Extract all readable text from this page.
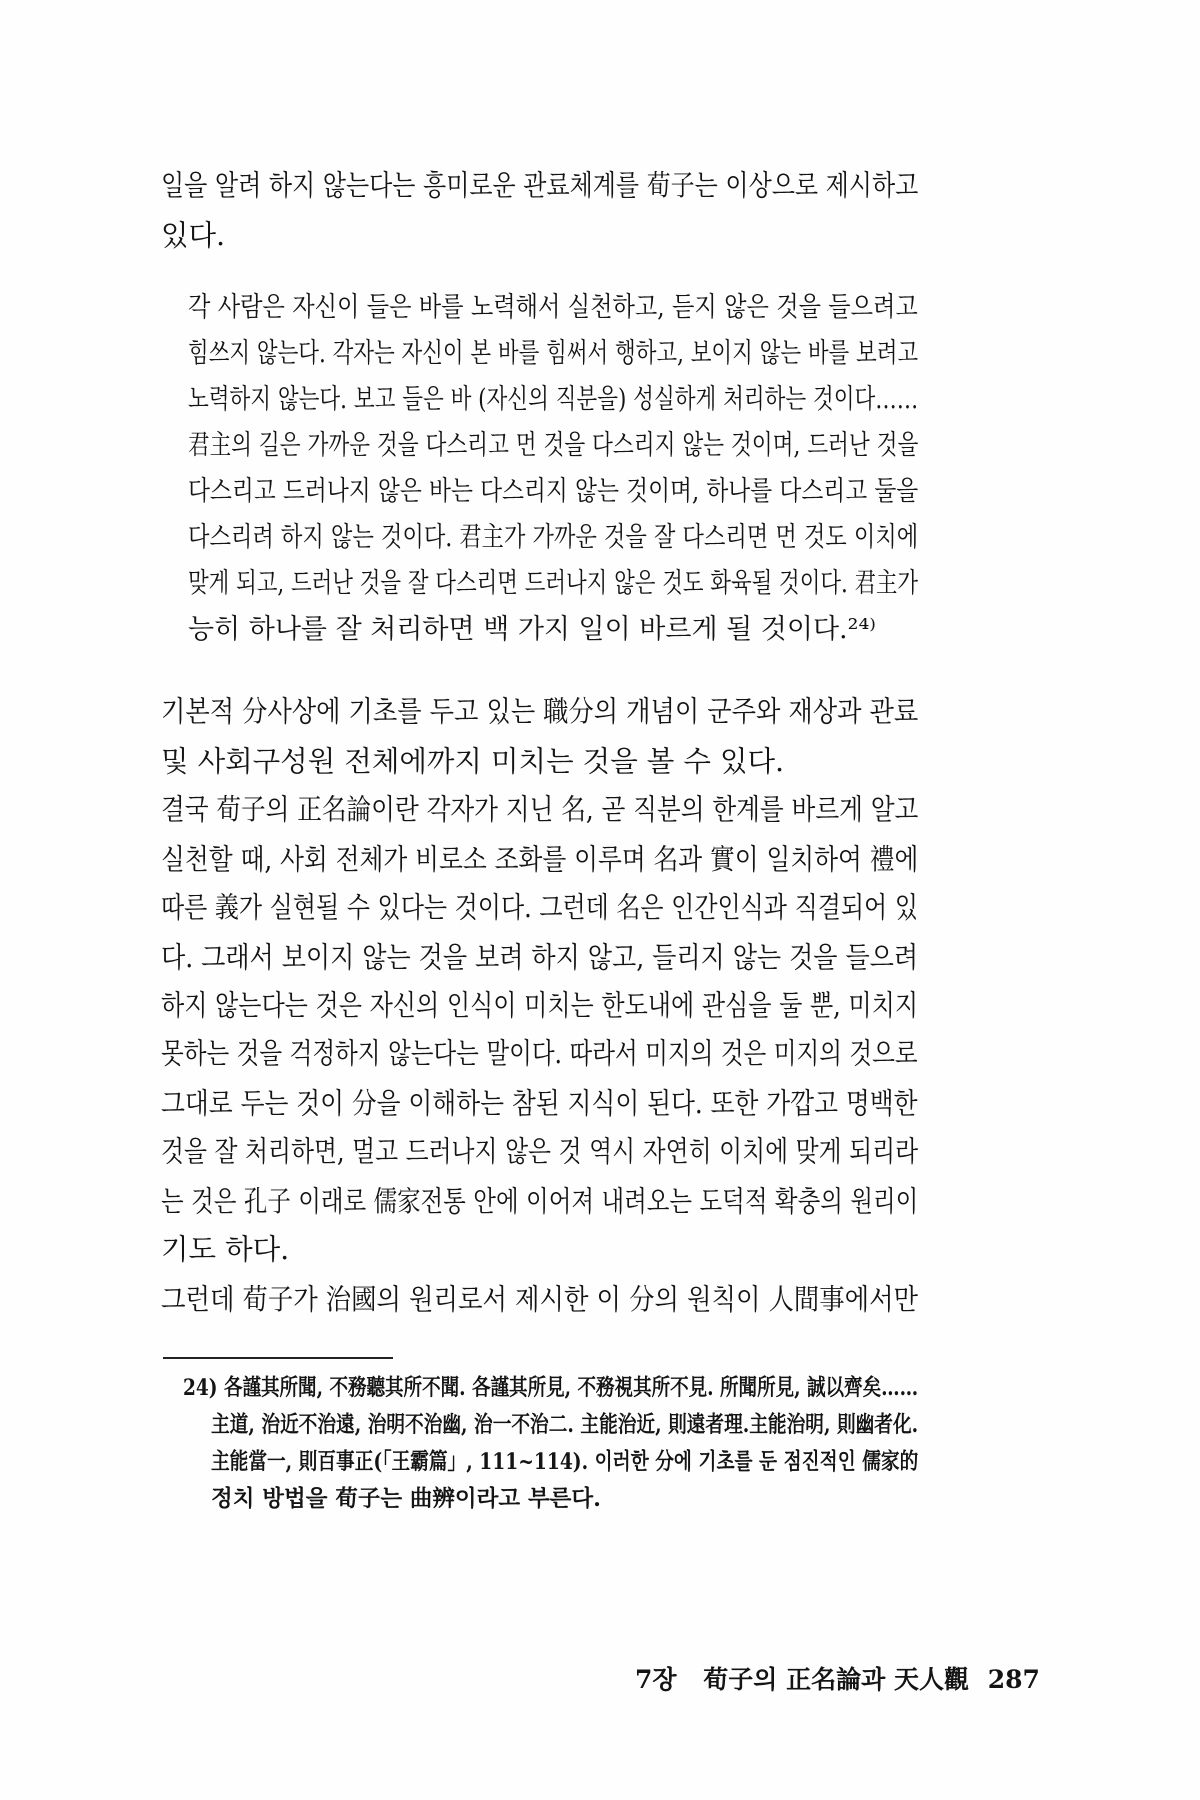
일을 알려 하지 않는다는 흥미로운 관료체계를 荀子는 이상으로 제시하고
있다.
각 사람은 자신이 들은 바를 노력해서 실천하고, 듣지 않은 것을 들으려고
힘쓰지 않는다. 각자는 자신이 본 바를 힘써서 행하고, 보이지 않는 바를 보려고
노력하지 않는다. 보고 들은 바 (자신의 직분을) 성실하게 처리하는 것이다……
君主의 길은 가까운 것을 다스리고 먼 것을 다스리지 않는 것이며, 드러난 것을
다스리고 드러나지 않은 바는 다스리지 않는 것이며, 하나를 다스리고 둘을
다스리려 하지 않는 것이다. 君主가 가까운 것을 잘 다스리면 먼 것도 이치에
맞게 되고, 드러난 것을 잘 다스리면 드러나지 않은 것도 화육될 것이다. 君主가
능히 하나를 잘 처리하면 백 가지 일이 바르게 될 것이다.²⁴⁾
기본적 分사상에 기초를 두고 있는 職分의 개념이 군주와 재상과 관료
및 사회구성원 전체에까지 미치는 것을 볼 수 있다.
결국 荀子의 正名論이란 각자가 지닌 名, 곧 직분의 한계를 바르게 알고
실천할 때, 사회 전체가 비로소 조화를 이루며 名과 實이 일치하여 禮에
따른 義가 실현될 수 있다는 것이다. 그런데 名은 인간인식과 직결되어 있
다. 그래서 보이지 않는 것을 보려 하지 않고, 들리지 않는 것을 들으려
하지 않는다는 것은 자신의 인식이 미치는 한도내에 관심을 둘 뿐, 미치지
못하는 것을 걱정하지 않는다는 말이다. 따라서 미지의 것은 미지의 것으로
그대로 두는 것이 分을 이해하는 참된 지식이 된다. 또한 가깝고 명백한
것을 잘 처리하면, 멀고 드러나지 않은 것 역시 자연히 이치에 맞게 되리라
는 것은 孔子 이래로 儒家전통 안에 이어져 내려오는 도덕적 확충의 원리이
기도 하다.
그런데 荀子가 治國의 원리로서 제시한 이 分의 원칙이 人間事에서만
24) 各謹其所聞, 不務聽其所不聞. 各謹其所見, 不務視其所不見. 所聞所見, 誠以齊矣……
主道, 治近不治遠, 治明不治幽, 治一不治二. 主能治近, 則遠者理.主能治明, 則幽者化.
主能當一, 則百事正(「王霸篇」, 111~114). 이러한 分에 기초를 둔 점진적인 儒家的
정치 방법을 荀子는 曲辨이라고 부른다.
7장 荀子의 正名論과 天人觀 287
